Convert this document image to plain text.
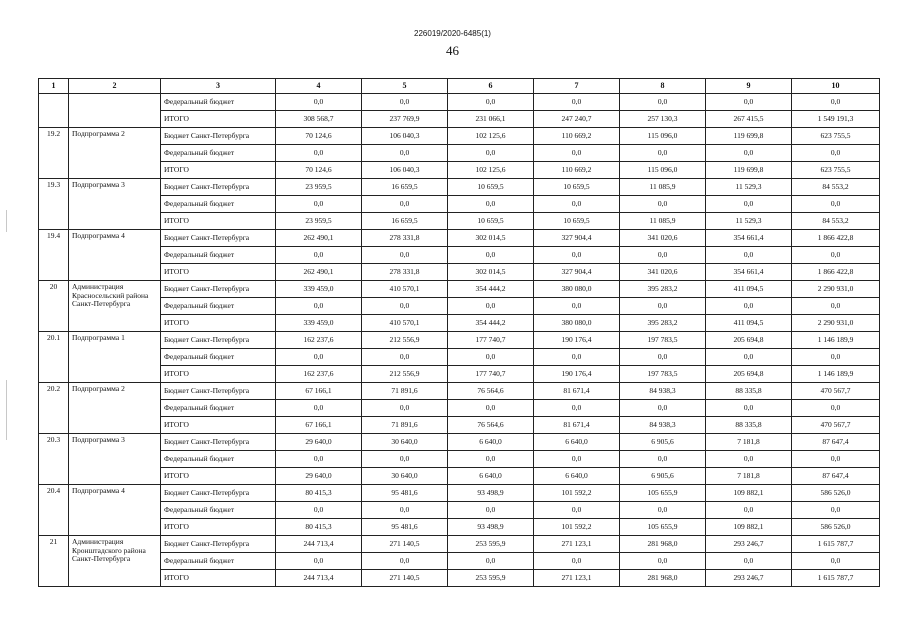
226019/2020-6485(1)
46
1	2	3	4	5	6	7	8	9	10
		Федеральный бюджет	0,0	0,0	0,0	0,0	0,0	0,0	0,0
		ИТОГО	308 568,7	237 769,9	231 066,1	247 240,7	257 130,3	267 415,5	1 549 191,3
19.2	Подпрограмма 2	Бюджет Санкт-Петербурга	70 124,6	106 040,3	102 125,6	110 669,2	115 096,0	119 699,8	623 755,5
		Федеральный бюджет	0,0	0,0	0,0	0,0	0,0	0,0	0,0
		ИТОГО	70 124,6	106 040,3	102 125,6	110 669,2	115 096,0	119 699,8	623 755,5
19.3	Подпрограмма 3	Бюджет Санкт-Петербурга	23 959,5	16 659,5	10 659,5	10 659,5	11 085,9	11 529,3	84 553,2
		Федеральный бюджет	0,0	0,0	0,0	0,0	0,0	0,0	0,0
		ИТОГО	23 959,5	16 659,5	10 659,5	10 659,5	11 085,9	11 529,3	84 553,2
19.4	Подпрограмма 4	Бюджет Санкт-Петербурга	262 490,1	278 331,8	302 014,5	327 904,4	341 020,6	354 661,4	1 866 422,8
		Федеральный бюджет	0,0	0,0	0,0	0,0	0,0	0,0	0,0
		ИТОГО	262 490,1	278 331,8	302 014,5	327 904,4	341 020,6	354 661,4	1 866 422,8
20	Администрация Красносельский района Санкт-Петербурга	Бюджет Санкт-Петербурга	339 459,0	410 570,1	354 444,2	380 080,0	395 283,2	411 094,5	2 290 931,0
		Федеральный бюджет	0,0	0,0	0,0	0,0	0,0	0,0	0,0
		ИТОГО	339 459,0	410 570,1	354 444,2	380 080,0	395 283,2	411 094,5	2 290 931,0
20.1	Подпрограмма 1	Бюджет Санкт-Петербурга	162 237,6	212 556,9	177 740,7	190 176,4	197 783,5	205 694,8	1 146 189,9
		Федеральный бюджет	0,0	0,0	0,0	0,0	0,0	0,0	0,0
		ИТОГО	162 237,6	212 556,9	177 740,7	190 176,4	197 783,5	205 694,8	1 146 189,9
20.2	Подпрограмма 2	Бюджет Санкт-Петербурга	67 166,1	71 891,6	76 564,6	81 671,4	84 938,3	88 335,8	470 567,7
		Федеральный бюджет	0,0	0,0	0,0	0,0	0,0	0,0	0,0
		ИТОГО	67 166,1	71 891,6	76 564,6	81 671,4	84 938,3	88 335,8	470 567,7
20.3	Подпрограмма 3	Бюджет Санкт-Петербурга	29 640,0	30 640,0	6 640,0	6 640,0	6 905,6	7 181,8	87 647,4
		Федеральный бюджет	0,0	0,0	0,0	0,0	0,0	0,0	0,0
		ИТОГО	29 640,0	30 640,0	6 640,0	6 640,0	6 905,6	7 181,8	87 647,4
20.4	Подпрограмма 4	Бюджет Санкт-Петербурга	80 415,3	95 481,6	93 498,9	101 592,2	105 655,9	109 882,1	586 526,0
		Федеральный бюджет	0,0	0,0	0,0	0,0	0,0	0,0	0,0
		ИТОГО	80 415,3	95 481,6	93 498,9	101 592,2	105 655,9	109 882,1	586 526,0
21	Администрация Кронштадского района Санкт-Петербурга	Бюджет Санкт-Петербурга	244 713,4	271 140,5	253 595,9	271 123,1	281 968,0	293 246,7	1 615 787,7
		Федеральный бюджет	0,0	0,0	0,0	0,0	0,0	0,0	0,0
		ИТОГО	244 713,4	271 140,5	253 595,9	271 123,1	281 968,0	293 246,7	1 615 787,7
